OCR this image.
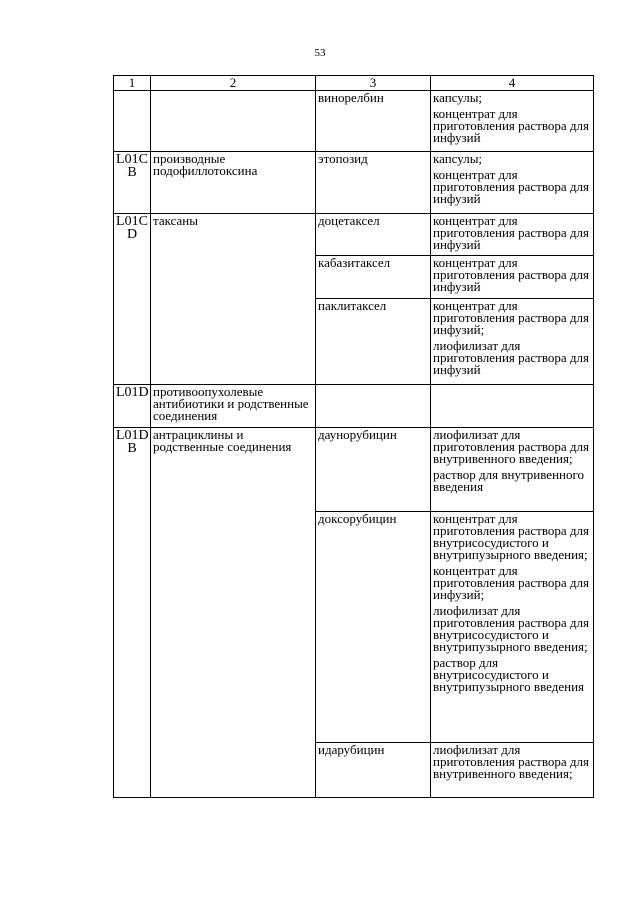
53
1	2	3	4
		винорелбин	капсулы;
концентрат для приготовления раствора для инфузий

L01C B	производные подофиллотоксина	этопозид	капсулы;
концентрат для приготовления раствора для инфузий

L01C D	таксаны	доцетаксел	концентрат для приготовления раствора для инфузий

		кабазитаксел	концентрат для приготовления раствора для инфузий

		паклитаксел	концентрат для приготовления раствора для инфузий;
лиофилизат для приготовления раствора для инфузий

L01D	противоопухолевые антибиотики и родственные соединения		
L01D B	антрациклины и родственные соединения	даунорубицин	лиофилизат для приготовления раствора для внутривенного введения;
раствор для внутривенного введения

		доксорубицин	концентрат для приготовления раствора для внутрисосудистого и внутрипузырного введения;
концентрат для приготовления раствора для инфузий;
лиофилизат для приготовления раствора для внутрисосудистого и внутрипузырного введения;
раствор для внутрисосудистого и внутрипузырного введения

		идарубицин	лиофилизат для приготовления раствора для внутривенного введения;
